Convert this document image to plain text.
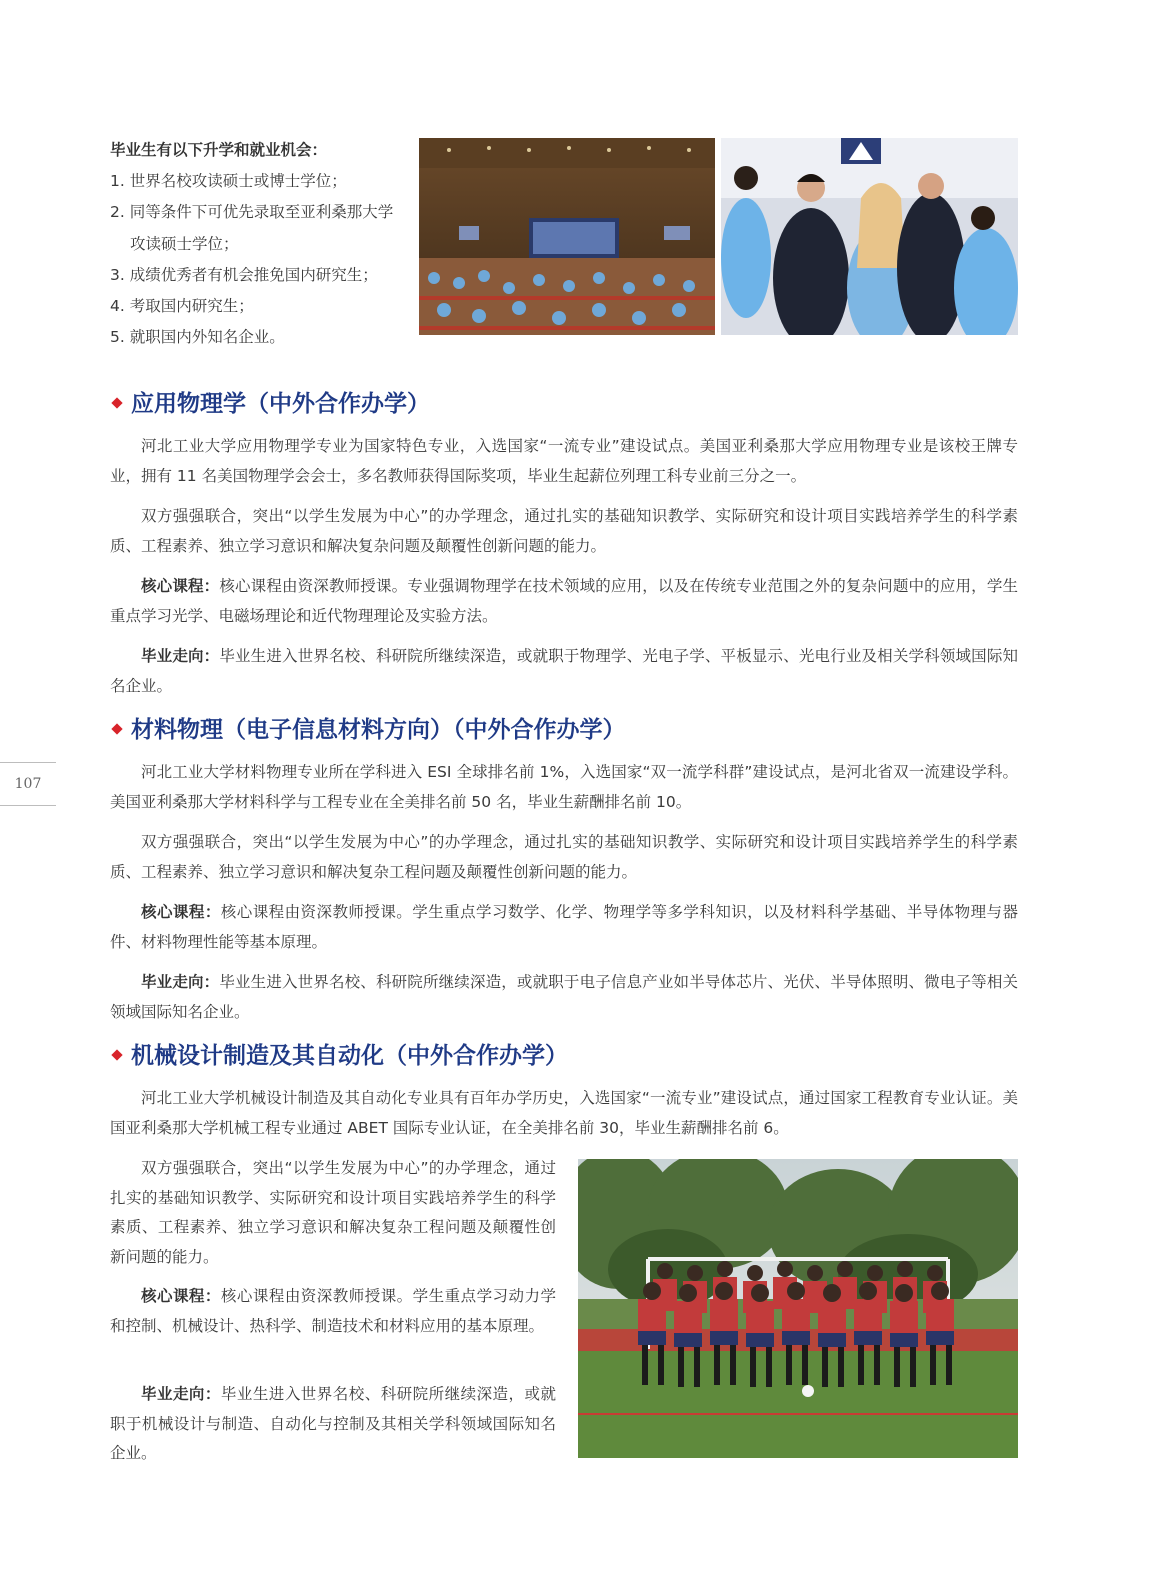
107
毕业生有以下升学和就业机会：
1. 世界名校攻读硕士或博士学位；
2. 同等条件下可优先录取至亚利桑那大学
攻读硕士学位；
3. 成绩优秀者有机会推免国内研究生；
4. 考取国内研究生；
5. 就职国内外知名企业。
应用物理学（中外合作办学）

河北工业大学应用物理学专业为国家特色专业，入选国家“一流专业”建设试点。美国亚利桑那大学应用物理专业是该校王牌专业，拥有 11 名美国物理学会会士，多名教师获得国际奖项，毕业生起薪位列理工科专业前三分之一。

双方强强联合，突出“以学生发展为中心”的办学理念，通过扎实的基础知识教学、实际研究和设计项目实践培养学生的科学素质、工程素养、独立学习意识和解决复杂问题及颠覆性创新问题的能力。

核心课程：核心课程由资深教师授课。专业强调物理学在技术领域的应用，以及在传统专业范围之外的复杂问题中的应用，学生重点学习光学、电磁场理论和近代物理理论及实验方法。

毕业走向：毕业生进入世界名校、科研院所继续深造，或就职于物理学、光电子学、平板显示、光电行业及相关学科领域国际知名企业。

材料物理（电子信息材料方向）（中外合作办学）

河北工业大学材料物理专业所在学科进入 ESI 全球排名前 1%，入选国家“双一流学科群”建设试点，是河北省双一流建设学科。美国亚利桑那大学材料科学与工程专业在全美排名前 50 名，毕业生薪酬排名前 10。

双方强强联合，突出“以学生发展为中心”的办学理念，通过扎实的基础知识教学、实际研究和设计项目实践培养学生的科学素质、工程素养、独立学习意识和解决复杂工程问题及颠覆性创新问题的能力。

核心课程：核心课程由资深教师授课。学生重点学习数学、化学、物理学等多学科知识，以及材料科学基础、半导体物理与器件、材料物理性能等基本原理。

毕业走向：毕业生进入世界名校、科研院所继续深造，或就职于电子信息产业如半导体芯片、光伏、半导体照明、微电子等相关领域国际知名企业。

机械设计制造及其自动化（中外合作办学）

河北工业大学机械设计制造及其自动化专业具有百年办学历史，入选国家“一流专业”建设试点，通过国家工程教育专业认证。美国亚利桑那大学机械工程专业通过 ABET 国际专业认证，在全美排名前 30，毕业生薪酬排名前 6。

双方强强联合，突出“以学生发展为中心”的办学理念，通过扎实的基础知识教学、实际研究和设计项目实践培养学生的科学素质、工程素养、独立学习意识和解决复杂工程问题及颠覆性创新问题的能力。

核心课程：核心课程由资深教师授课。学生重点学习动力学和控制、机械设计、热科学、制造技术和材料应用的基本原理。

毕业走向：毕业生进入世界名校、科研院所继续深造，或就职于机械设计与制造、自动化与控制及其相关学科领域国际知名企业。
